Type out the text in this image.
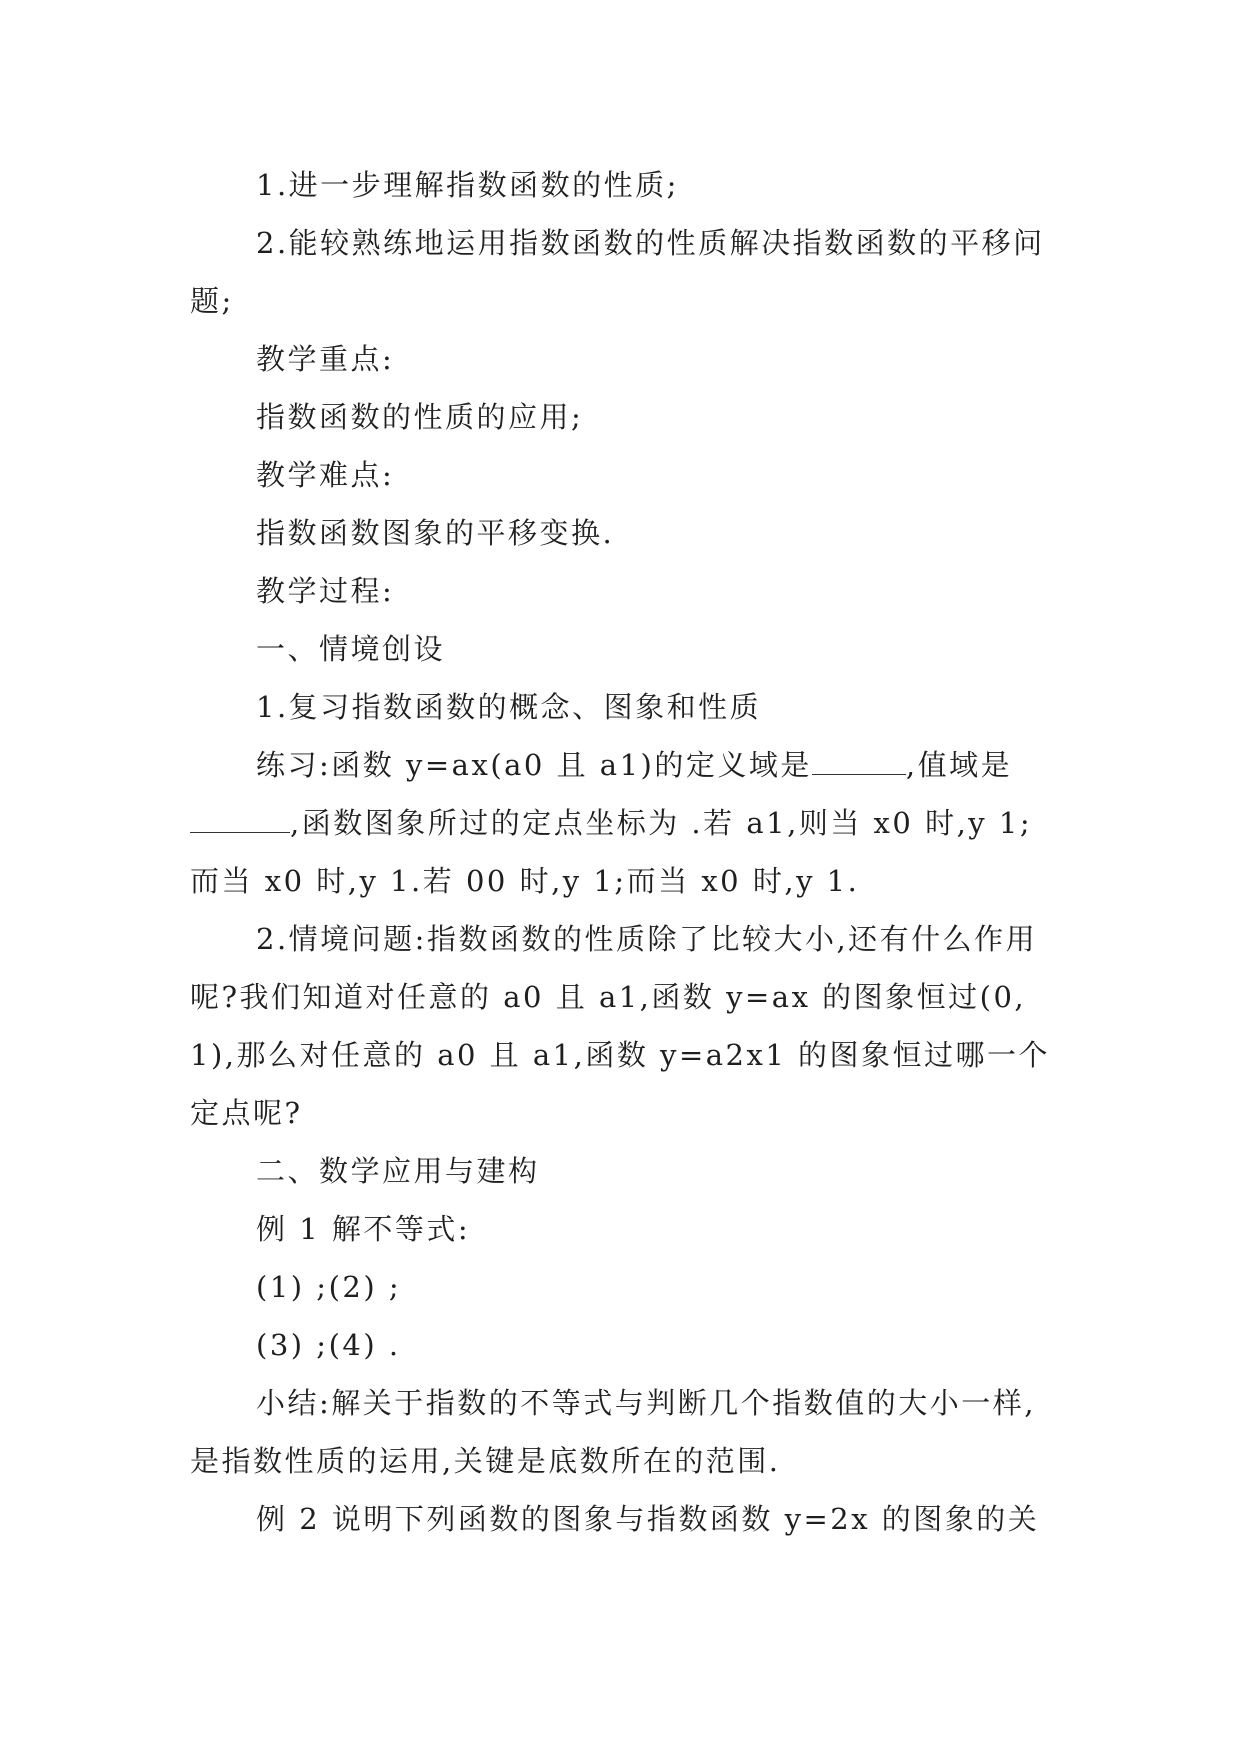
1.进一步理解指数函数的性质;

2.能较熟练地运用指数函数的性质解决指数函数的平移问题;

教学重点:

指数函数的性质的应用;

教学难点:

指数函数图象的平移变换.

教学过程:

一、情境创设

1.复习指数函数的概念、图象和性质

练习:函数 y=ax(a0 且 a1)的定义域是	,值域是,函数图象所过的定点坐标为 .若 a1,则当 x0 时,y 1;而当 x0 时,y 1.若 00 时,y 1;而当 x0 时,y 1.

2.情境问题:指数函数的性质除了比较大小,还有什么作用呢?我们知道对任意的 a0 且 a1,函数 y=ax 的图象恒过(0,1),那么对任意的 a0 且 a1,函数 y=a2x1 的图象恒过哪一个定点呢?

二、数学应用与建构

例 1 解不等式:

(1) ;(2) ;

(3) ;(4) .

小结:解关于指数的不等式与判断几个指数值的大小一样,是指数性质的运用,关键是底数所在的范围.

例 2 说明下列函数的图象与指数函数 y=2x 的图象的关
